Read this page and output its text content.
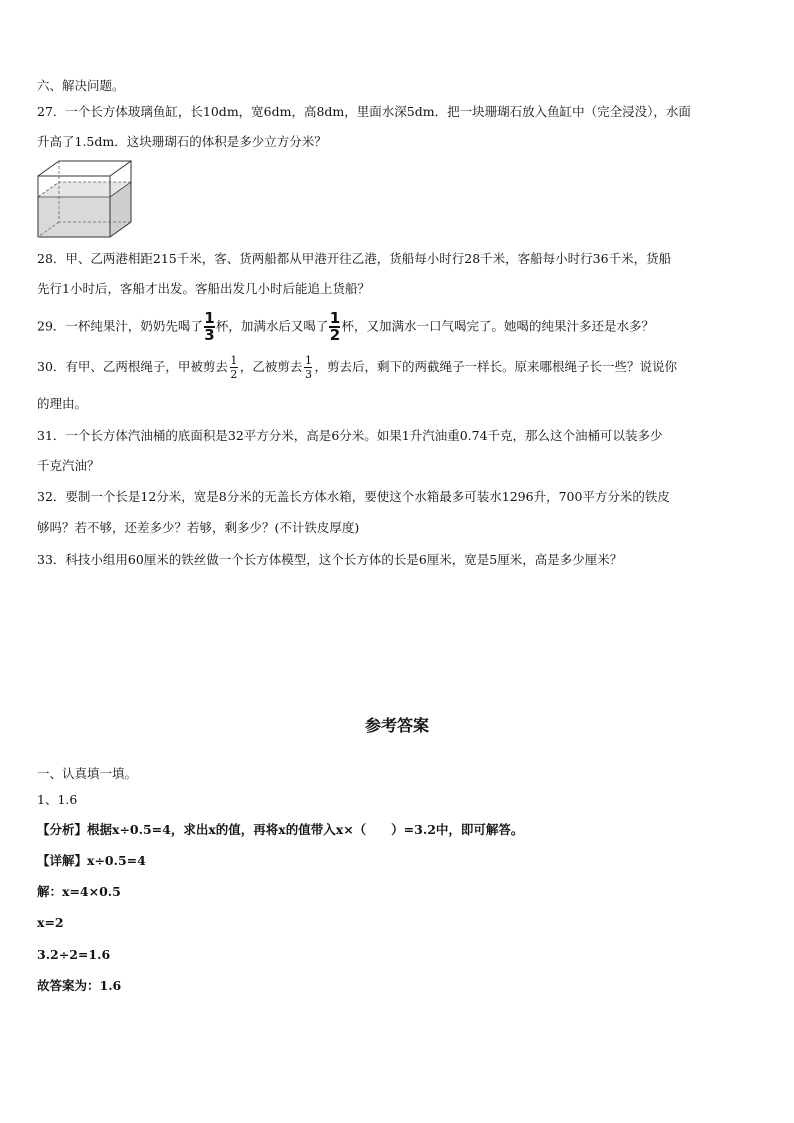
六、解决问题。
27．一个长方体玻璃鱼缸，长10dm，宽6dm，高8dm，里面水深5dm．把一块珊瑚石放入鱼缸中（完全浸没），水面
升高了1.5dm．这块珊瑚石的体积是多少立方分米？
28．甲、乙两港相距215千米，客、货两船都从甲港开往乙港，货船每小时行28千米，客船每小时行36千米，货船
先行1小时后，客船才出发。客船出发几小时后能追上货船？
29．一杯纯果汁，奶奶先喝了 $\frac{1}{3}$ 杯，加满水后又喝了 $\frac{1}{2}$ 杯，又加满水一口气喝完了。她喝的纯果汁多还是水多？
30．有甲、乙两根绳子，甲被剪去 $\frac{1}{2}$ ，乙被剪去 $\frac{1}{3}$ ，剪去后，剩下的两截绳子一样长。原来哪根绳子长一些？说说你
的理由。
31．一个长方体汽油桶的底面积是32平方分米，高是6分米。如果1升汽油重0.74千克，那么这个油桶可以装多少
千克汽油？
32．要制一个长是12分米，宽是8分米的无盖长方体水箱，要使这个水箱最多可装水1296升，700平方分米的铁皮
够吗？若不够，还差多少？若够，剩多少？(不计铁皮厚度)
33．科技小组用60厘米的铁丝做一个长方体模型，这个长方体的长是6厘米，宽是5厘米，高是多少厘米？
参考答案
一、认真填一填。
1、1.6
【分析】根据x÷0.5=4，求出x的值，再将x的值带入x×（　　）=3.2中，即可解答。
【详解】x÷0.5=4
解：x=4×0.5
x=2
3.2÷2=1.6
故答案为：1.6
